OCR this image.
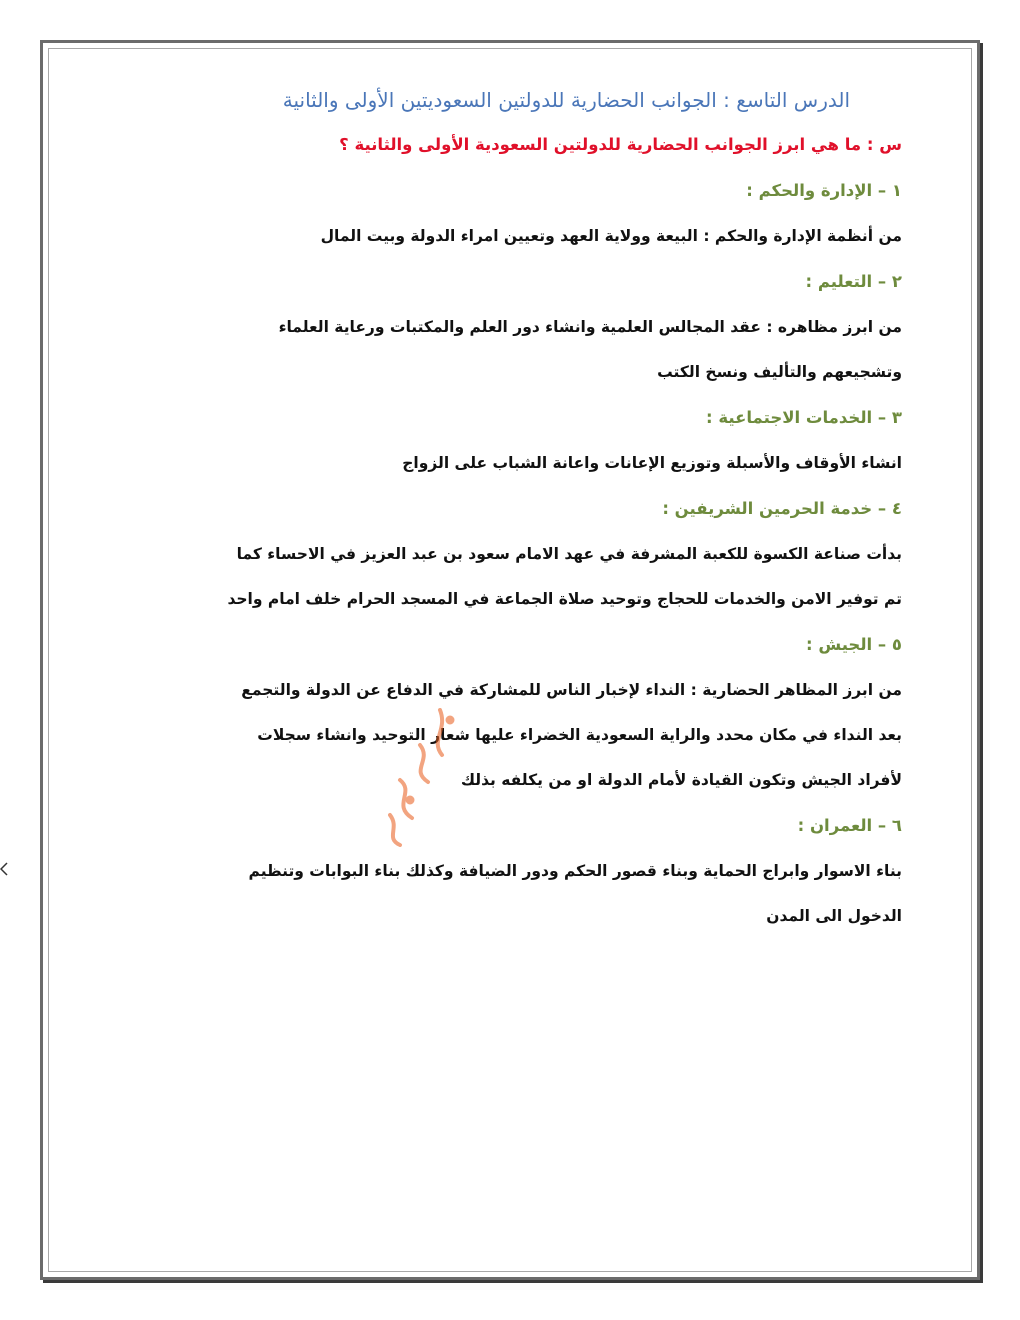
الدرس التاسع : الجوانب الحضارية للدولتين السعوديتين الأولى والثانية

س : ما هي ابرز الجوانب الحضارية للدولتين السعودية الأولى والثانية ؟

١ – الإدارة والحكم :

من أنظمة الإدارة والحكم : البيعة وولاية العهد وتعيين امراء الدولة وبيت المال

٢ – التعليم :

من ابرز مظاهره : عقد المجالس العلمية وانشاء دور العلم والمكتبات ورعاية العلماء

وتشجيعهم والتأليف ونسخ الكتب

٣ – الخدمات الاجتماعية :

انشاء الأوقاف والأسبلة وتوزيع الإعانات واعانة الشباب على الزواج

٤ – خدمة الحرمين الشريفين :

بدأت صناعة الكسوة للكعبة المشرفة في عهد الامام سعود بن عبد العزيز في الاحساء كما

تم توفير الامن والخدمات للحجاج وتوحيد صلاة الجماعة في المسجد الحرام خلف امام واحد

٥ – الجيش :

من ابرز المظاهر الحضارية : النداء لإخبار الناس للمشاركة في الدفاع عن الدولة والتجمع

بعد النداء في مكان محدد والراية السعودية الخضراء عليها شعار التوحيد وانشاء سجلات

لأفراد الجيش وتكون القيادة لأمام الدولة او من يكلفه بذلك

٦ – العمران :

بناء الاسوار وابراج الحماية وبناء قصور الحكم ودور الضيافة وكذلك بناء البوابات وتنظيم

الدخول الى المدن
